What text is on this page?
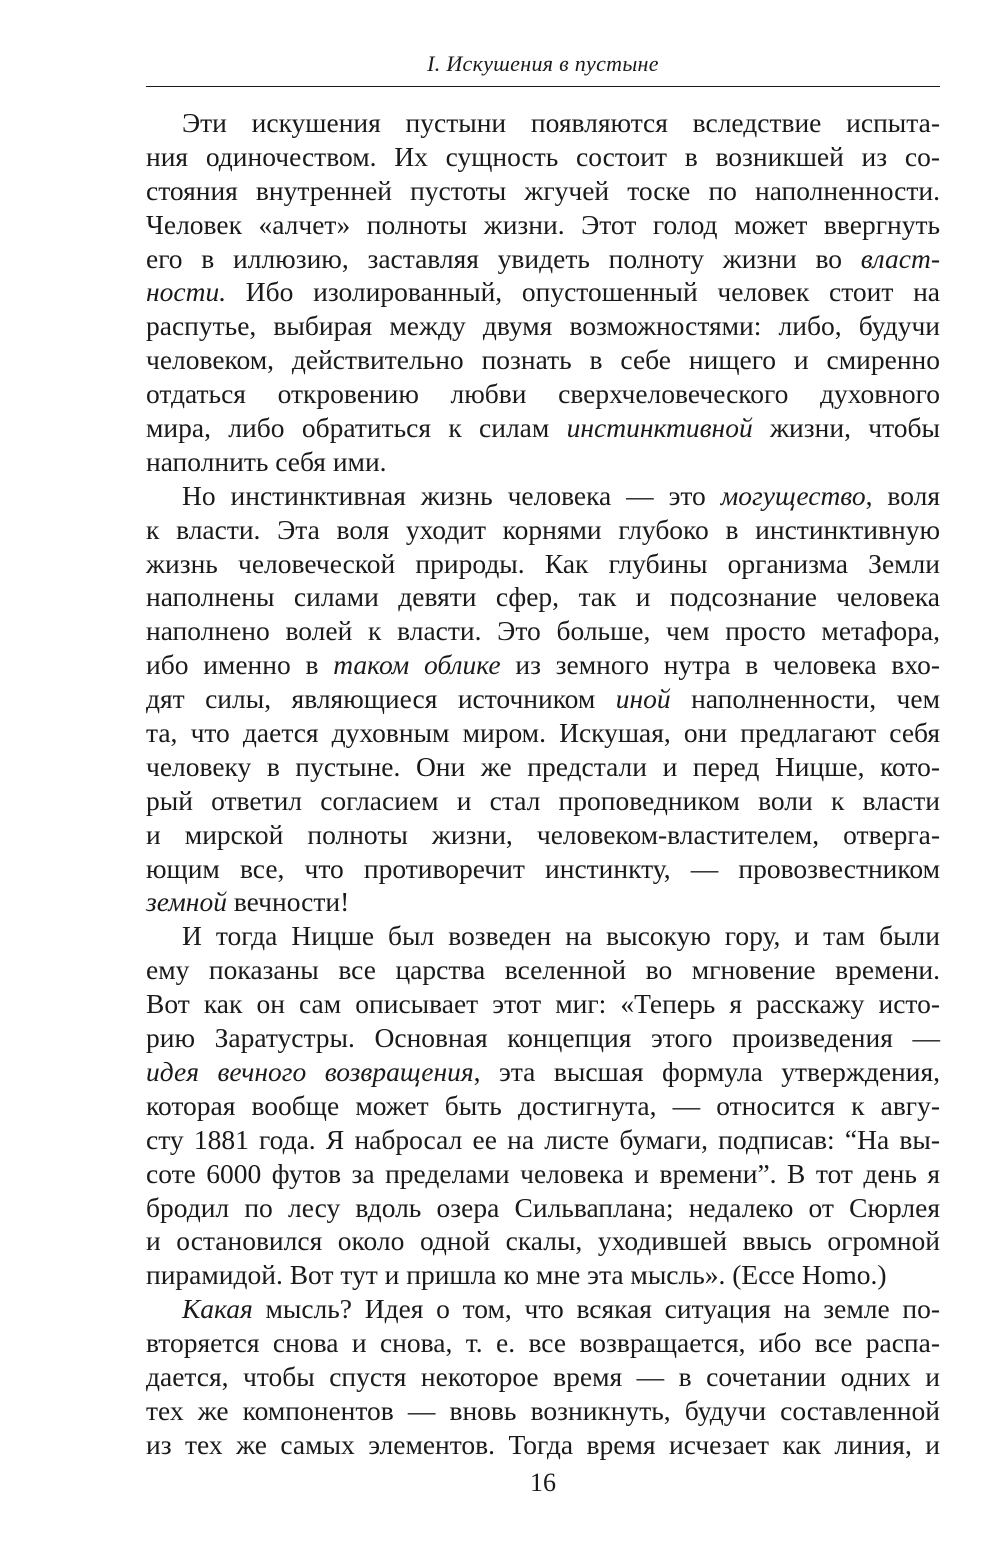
I. Искушения в пустыне
Эти искушения пустыни появляются вследствие испыта-
ния одиночеством. Их сущность состоит в возникшей из со-
стояния внутренней пустоты жгучей тоске по наполненности.
Человек «алчет» полноты жизни. Этот голод может ввергнуть
его в иллюзию, заставляя увидеть полноту жизни во власт-
ности. Ибо изолированный, опустошенный человек стоит на
распутье, выбирая между двумя возможностями: либо, будучи
человеком, действительно познать в себе нищего и смиренно
отдаться откровению любви сверхчеловеческого духовного
мира, либо обратиться к силам инстинктивной жизни, чтобы
наполнить себя ими.
Но инстинктивная жизнь человека — это могущество, воля
к власти. Эта воля уходит корнями глубоко в инстинктивную
жизнь человеческой природы. Как глубины организма Земли
наполнены силами девяти сфер, так и подсознание человека
наполнено волей к власти. Это больше, чем просто метафора,
ибо именно в таком облике из земного нутра в человека вхо-
дят силы, являющиеся источником иной наполненности, чем
та, что дается духовным миром. Искушая, они предлагают себя
человеку в пустыне. Они же предстали и перед Ницше, кото-
рый ответил согласием и стал проповедником воли к власти
и мирской полноты жизни, человеком-властителем, отверга-
ющим все, что противоречит инстинкту, — провозвестником
земной вечности!
И тогда Ницше был возведен на высокую гору, и там были
ему показаны все царства вселенной во мгновение времени.
Вот как он сам описывает этот миг: «Теперь я расскажу исто-
рию Заратустры. Основная концепция этого произведения —
идея вечного возвращения, эта высшая формула утверждения,
которая вообще может быть достигнута, — относится к авгу-
сту 1881 года. Я набросал ее на листе бумаги, подписав: “На вы-
соте 6000 футов за пределами человека и времени”. В тот день я
бродил по лесу вдоль озера Сильваплана; недалеко от Сюрлея
и остановился около одной скалы, уходившей ввысь огромной
пирамидой. Вот тут и пришла ко мне эта мысль». (Ecce Homo.)
Какая мысль? Идея о том, что всякая ситуация на земле по-
вторяется снова и снова, т. е. все возвращается, ибо все распа-
дается, чтобы спустя некоторое время — в сочетании одних и
тех же компонентов — вновь возникнуть, будучи составленной
из тех же самых элементов. Тогда время исчезает как линия, и
16
